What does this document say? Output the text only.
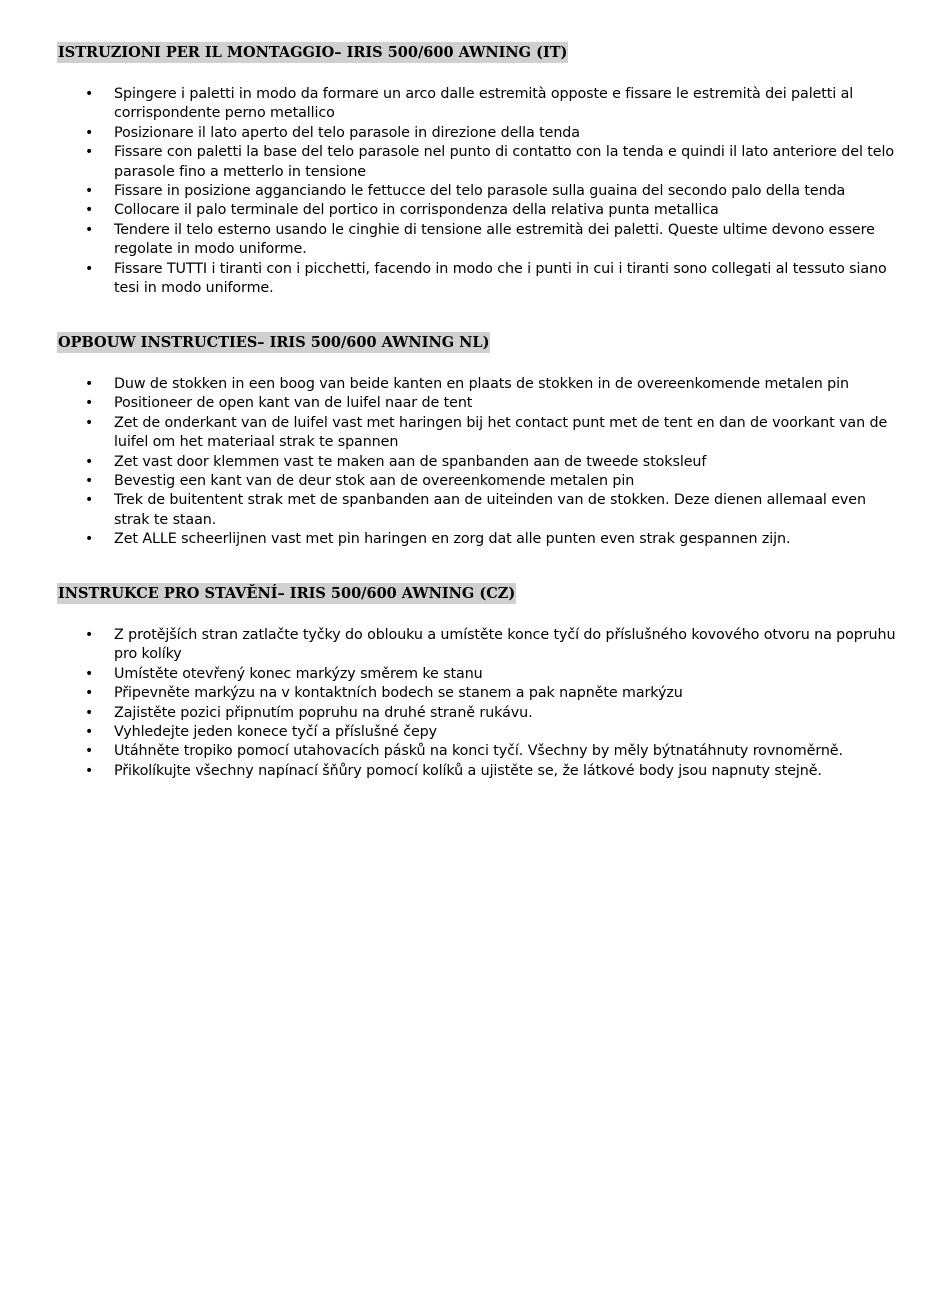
ISTRUZIONI PER IL MONTAGGIO– IRIS 500/600 AWNING (IT)
• Spingere i paletti in modo da formare un arco dalle estremità opposte e fissare le estremità dei paletti al corrispondente perno metallico
• Posizionare il lato aperto del telo parasole in direzione della tenda
• Fissare con paletti la base del telo parasole nel punto di contatto con la tenda e quindi il lato anteriore del telo parasole fino a metterlo in tensione
• Fissare in posizione agganciando le fettucce del telo parasole sulla guaina del secondo palo della tenda
• Collocare il palo terminale del portico in corrispondenza della relativa punta metallica
• Tendere il telo esterno usando le cinghie di tensione alle estremità dei paletti. Queste ultime devono essere regolate in modo uniforme.
• Fissare TUTTI i tiranti con i picchetti, facendo in modo che i punti in cui i tiranti sono collegati al tessuto siano tesi in modo uniforme.
OPBOUW INSTRUCTIES– IRIS 500/600 AWNING NL)
• Duw de stokken in een boog van beide kanten en plaats de stokken in de overeenkomende metalen pin
• Positioneer de open kant van de luifel naar de tent
• Zet de onderkant van de luifel vast met haringen bij het contact punt met de tent en dan de voorkant van de luifel om het materiaal strak te spannen
• Zet vast door klemmen vast te maken aan de spanbanden aan de tweede stoksleuf
• Bevestig een kant van de deur stok aan de overeenkomende metalen pin
• Trek de buitentent strak met de spanbanden aan de uiteinden van de stokken. Deze dienen allemaal even strak te staan.
• Zet ALLE scheerlijnen vast met pin haringen en zorg dat alle punten even strak gespannen zijn.
INSTRUKCE PRO STAVĚNÍ– IRIS 500/600 AWNING (CZ)
• Z protějších stran zatlačte tyčky do oblouku a umístěte konce tyčí do příslušného kovového otvoru na popruhu pro kolíky
• Umístěte otevřený konec markýzy směrem ke stanu
• Připevněte markýzu na v kontaktních bodech se stanem a pak napněte markýzu
• Zajistěte pozici připnutím popruhu na druhé straně rukávu.
• Vyhledejte jeden konece tyčí a příslušné čepy
• Utáhněte tropiko pomocí utahovacích pásků na konci tyčí. Všechny by měly býtnatáhnuty rovnoměrně.
• Přikolíkujte všechny napínací šňůry pomocí kolíků a ujistěte se, že látkové body jsou napnuty stejně.
